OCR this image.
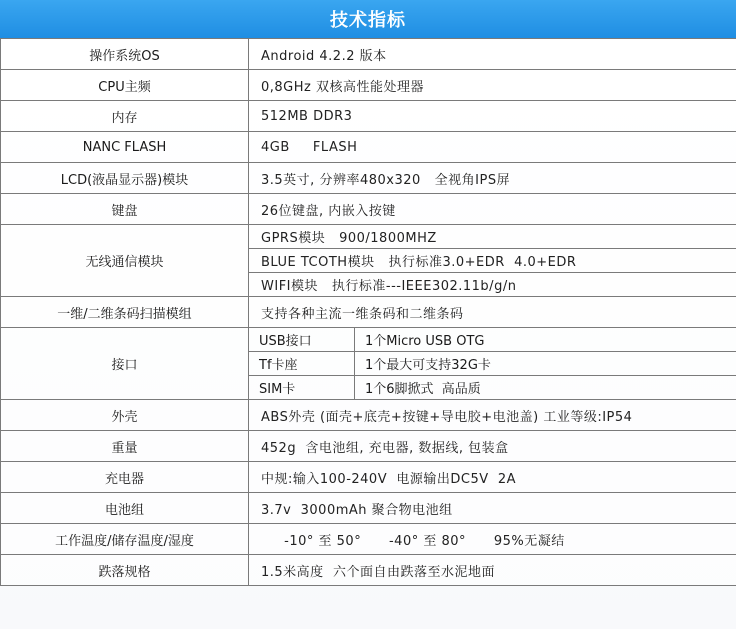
技术指标
操作系统OS	Android 4.2.2 版本	
CPU主频	0,8GHz 双核高性能处理器	
内存	512MB DDR3	
NANC FLASH	4GB     FLASH	
LCD(液晶显示器)模块	3.5英寸, 分辨率480x320   全视角IPS屏	
键盘	26位键盘, 内嵌入按键	
无线通信模块	GPRS模块   900/1800MHZ	
	BLUE TCOTH模块   执行标准3.0+EDR  4.0+EDR	
	WIFI模块   执行标准---IEEE302.11b/g/n	
一维/二维条码扫描模组	支持各种主流一维条码和二维条码	
接口	USB接口	1个Micro USB OTG
	Tf卡座	1个最大可支持32G卡
	SIM卡	1个6脚掀式  高品质
外壳	ABS外壳 (面壳+底壳+按键+导电胶+电池盖) 工业等级:IP54	
重量	452g  含电池组, 充电器, 数据线, 包装盒	
充电器	中规:输入100-240V  电源输出DC5V  2A	
电池组	3.7v  3000mAh 聚合物电池组	
工作温度/储存温度/湿度	-10° 至 50°      -40° 至 80°      95%无凝结	
跌落规格	1.5米高度  六个面自由跌落至水泥地面	
